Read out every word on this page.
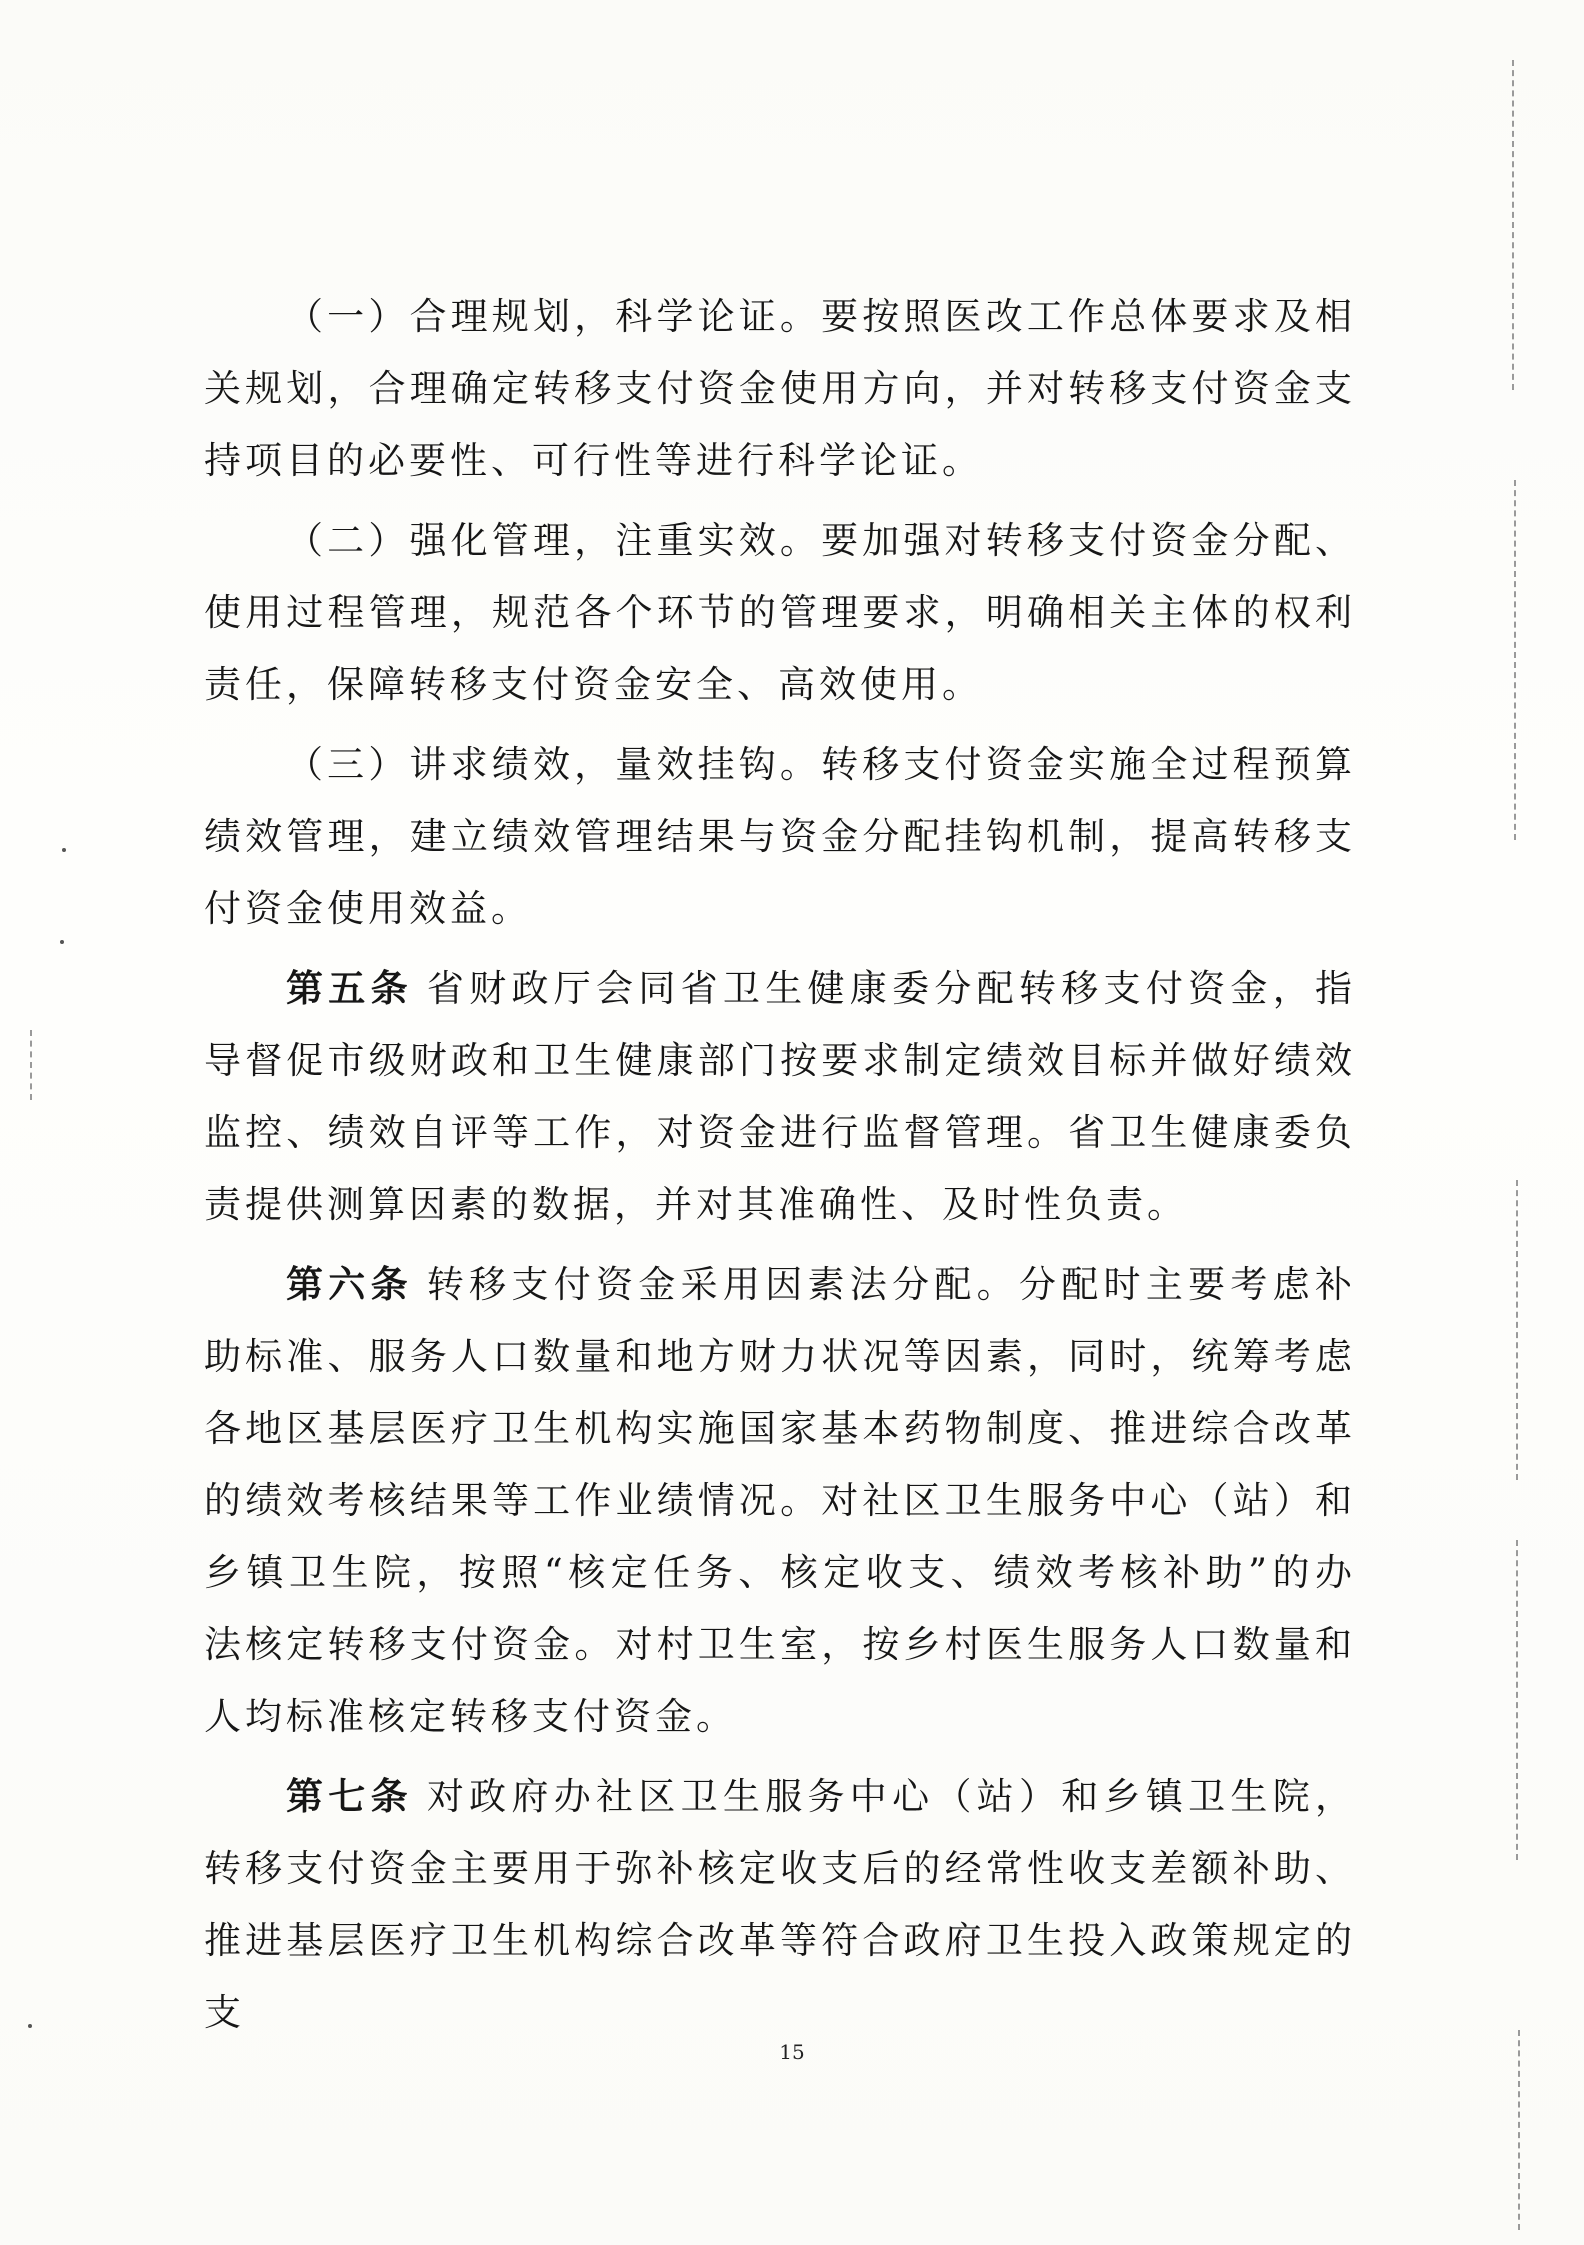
（一）合理规划，科学论证。要按照医改工作总体要求及相关规划，合理确定转移支付资金使用方向，并对转移支付资金支持项目的必要性、可行性等进行科学论证。

（二）强化管理，注重实效。要加强对转移支付资金分配、使用过程管理，规范各个环节的管理要求，明确相关主体的权利责任，保障转移支付资金安全、高效使用。

（三）讲求绩效，量效挂钩。转移支付资金实施全过程预算绩效管理，建立绩效管理结果与资金分配挂钩机制，提高转移支付资金使用效益。

第五条 省财政厅会同省卫生健康委分配转移支付资金，指导督促市级财政和卫生健康部门按要求制定绩效目标并做好绩效监控、绩效自评等工作，对资金进行监督管理。省卫生健康委负责提供测算因素的数据，并对其准确性、及时性负责。

第六条 转移支付资金采用因素法分配。分配时主要考虑补助标准、服务人口数量和地方财力状况等因素，同时，统筹考虑各地区基层医疗卫生机构实施国家基本药物制度、推进综合改革的绩效考核结果等工作业绩情况。对社区卫生服务中心（站）和乡镇卫生院，按照“核定任务、核定收支、绩效考核补助”的办法核定转移支付资金。对村卫生室，按乡村医生服务人口数量和人均标准核定转移支付资金。

第七条 对政府办社区卫生服务中心（站）和乡镇卫生院，转移支付资金主要用于弥补核定收支后的经常性收支差额补助、推进基层医疗卫生机构综合改革等符合政府卫生投入政策规定的支

15
